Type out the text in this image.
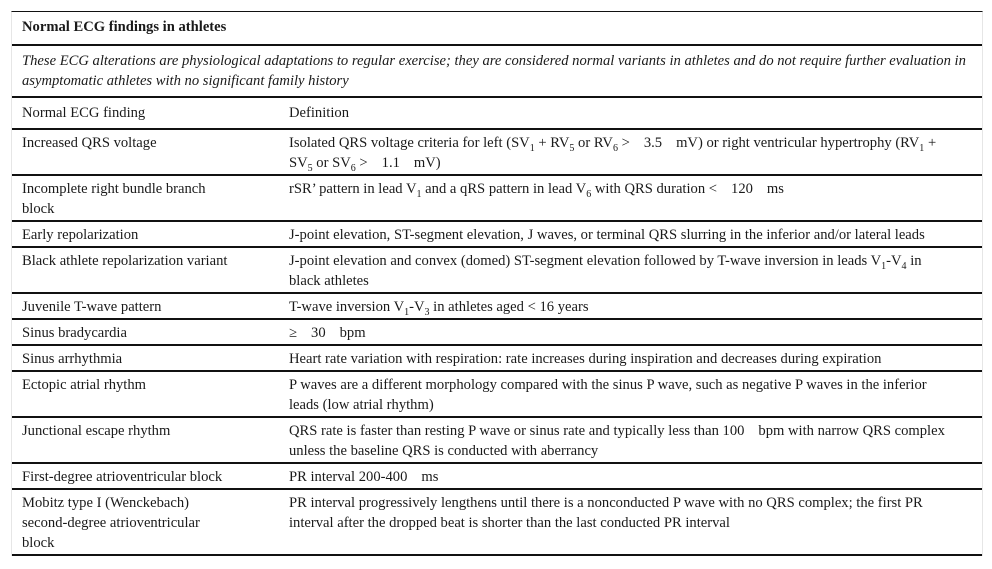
Normal ECG findings in athletes	
These ECG alterations are physiological adaptations to regular exercise; they are considered normal variants in athletes and do not require further evaluation in asymptomatic athletes with no significant family history	
Normal ECG finding	Definition
Increased QRS voltage	Isolated QRS voltage criteria for left ($SV_1 + RV_5$ or $RV_6 > 3.5$ mV) or right ventricular hypertrophy ($RV_1 + SV_5$ or $SV_6 > 1.1$ mV)
Incomplete right bundle branch block	rSR’ pattern in lead $V_1$ and a qRS pattern in lead $V_6$ with QRS duration < 120 ms
Early repolarization	J-point elevation, ST-segment elevation, J waves, or terminal QRS slurring in the inferior and/or lateral leads
Black athlete repolarization variant	J-point elevation and convex (domed) ST-segment elevation followed by T-wave inversion in leads $V_1-V_4$ in black athletes
Juvenile T-wave pattern	T-wave inversion $V_1-V_3$ in athletes aged < 16 years
Sinus bradycardia	≥ 30 bpm
Sinus arrhythmia	Heart rate variation with respiration: rate increases during inspiration and decreases during expiration
Ectopic atrial rhythm	P waves are a different morphology compared with the sinus P wave, such as negative P waves in the inferior leads (low atrial rhythm)
Junctional escape rhythm	QRS rate is faster than resting P wave or sinus rate and typically less than 100 bpm with narrow QRS complex unless the baseline QRS is conducted with aberrancy
First-degree atrioventricular block	PR interval 200-400 ms
Mobitz type I (Wenckebach) second-degree atrioventricular block	PR interval progressively lengthens until there is a nonconducted P wave with no QRS complex; the first PR interval after the dropped beat is shorter than the last conducted PR interval
